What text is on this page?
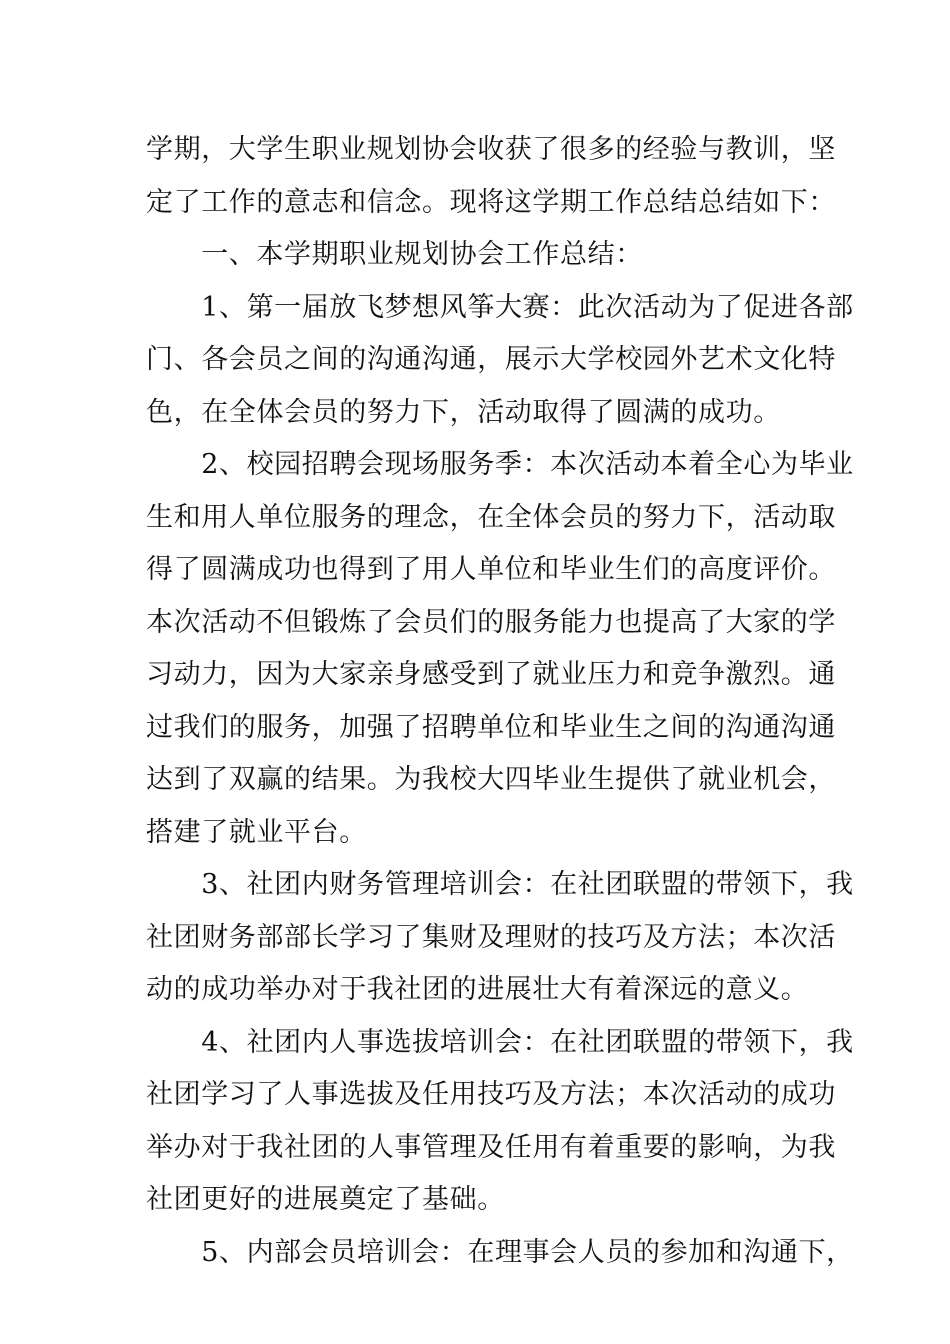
学期，大学生职业规划协会收获了很多的经验与教训，坚
定了工作的意志和信念。现将这学期工作总结总结如下：
　　一、本学期职业规划协会工作总结：
　　1、第一届放飞梦想风筝大赛：此次活动为了促进各部
门、各会员之间的沟通沟通，展示大学校园外艺术文化特
色，在全体会员的努力下，活动取得了圆满的成功。
　　2、校园招聘会现场服务季：本次活动本着全心为毕业
生和用人单位服务的理念，在全体会员的努力下，活动取
得了圆满成功也得到了用人单位和毕业生们的高度评价。
本次活动不但锻炼了会员们的服务能力也提高了大家的学
习动力，因为大家亲身感受到了就业压力和竞争激烈。通
过我们的服务，加强了招聘单位和毕业生之间的沟通沟通
达到了双赢的结果。为我校大四毕业生提供了就业机会，
搭建了就业平台。
　　3、社团内财务管理培训会：在社团联盟的带领下，我
社团财务部部长学习了集财及理财的技巧及方法；本次活
动的成功举办对于我社团的进展壮大有着深远的意义。
　　4、社团内人事选拔培训会：在社团联盟的带领下，我
社团学习了人事选拔及任用技巧及方法；本次活动的成功
举办对于我社团的人事管理及任用有着重要的影响，为我
社团更好的进展奠定了基础。
　　5、内部会员培训会：在理事会人员的参加和沟通下，
